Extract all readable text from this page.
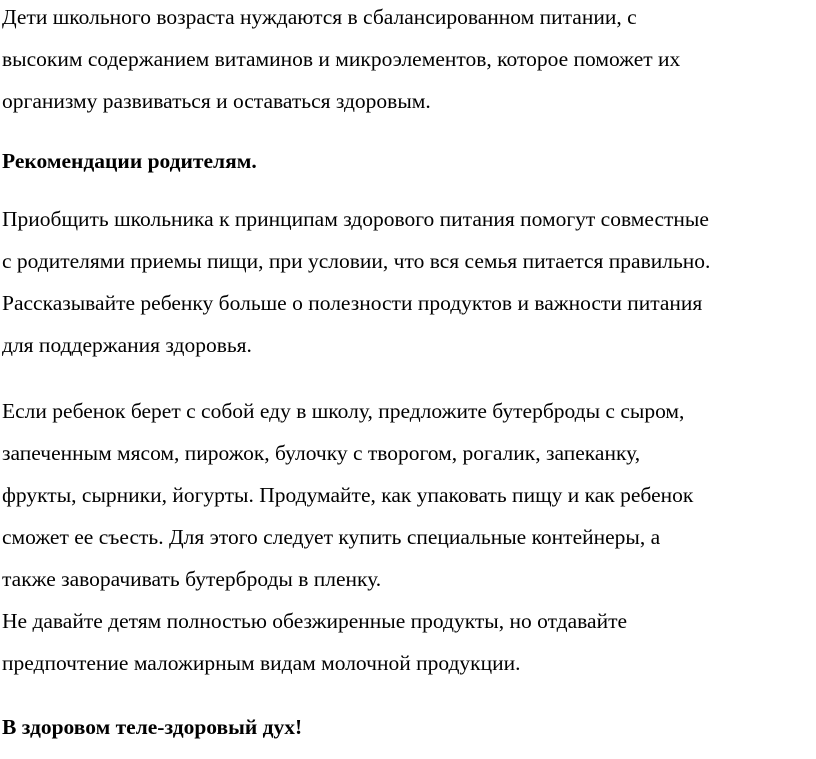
Дети школьного возраста нуждаются в сбалансированном питании, с
высоким содержанием витаминов и микроэлементов, которое поможет их
организму развиваться и оставаться здоровым.
Рекомендации родителям.
Приобщить школьника к принципам здорового питания помогут совместные
с родителями приемы пищи, при условии, что вся семья питается правильно.
Рассказывайте ребенку больше о полезности продуктов и важности питания
для поддержания здоровья.
Если ребенок берет с собой еду в школу, предложите бутерброды с сыром,
запеченным мясом, пирожок, булочку с творогом, рогалик, запеканку,
фрукты, сырники, йогурты. Продумайте, как упаковать пищу и как ребенок
сможет ее съесть. Для этого следует купить специальные контейнеры, а
также заворачивать бутерброды в пленку.
Не давайте детям полностью обезжиренные продукты, но отдавайте
предпочтение маложирным видам молочной продукции.
В здоровом теле-здоровый дух!
